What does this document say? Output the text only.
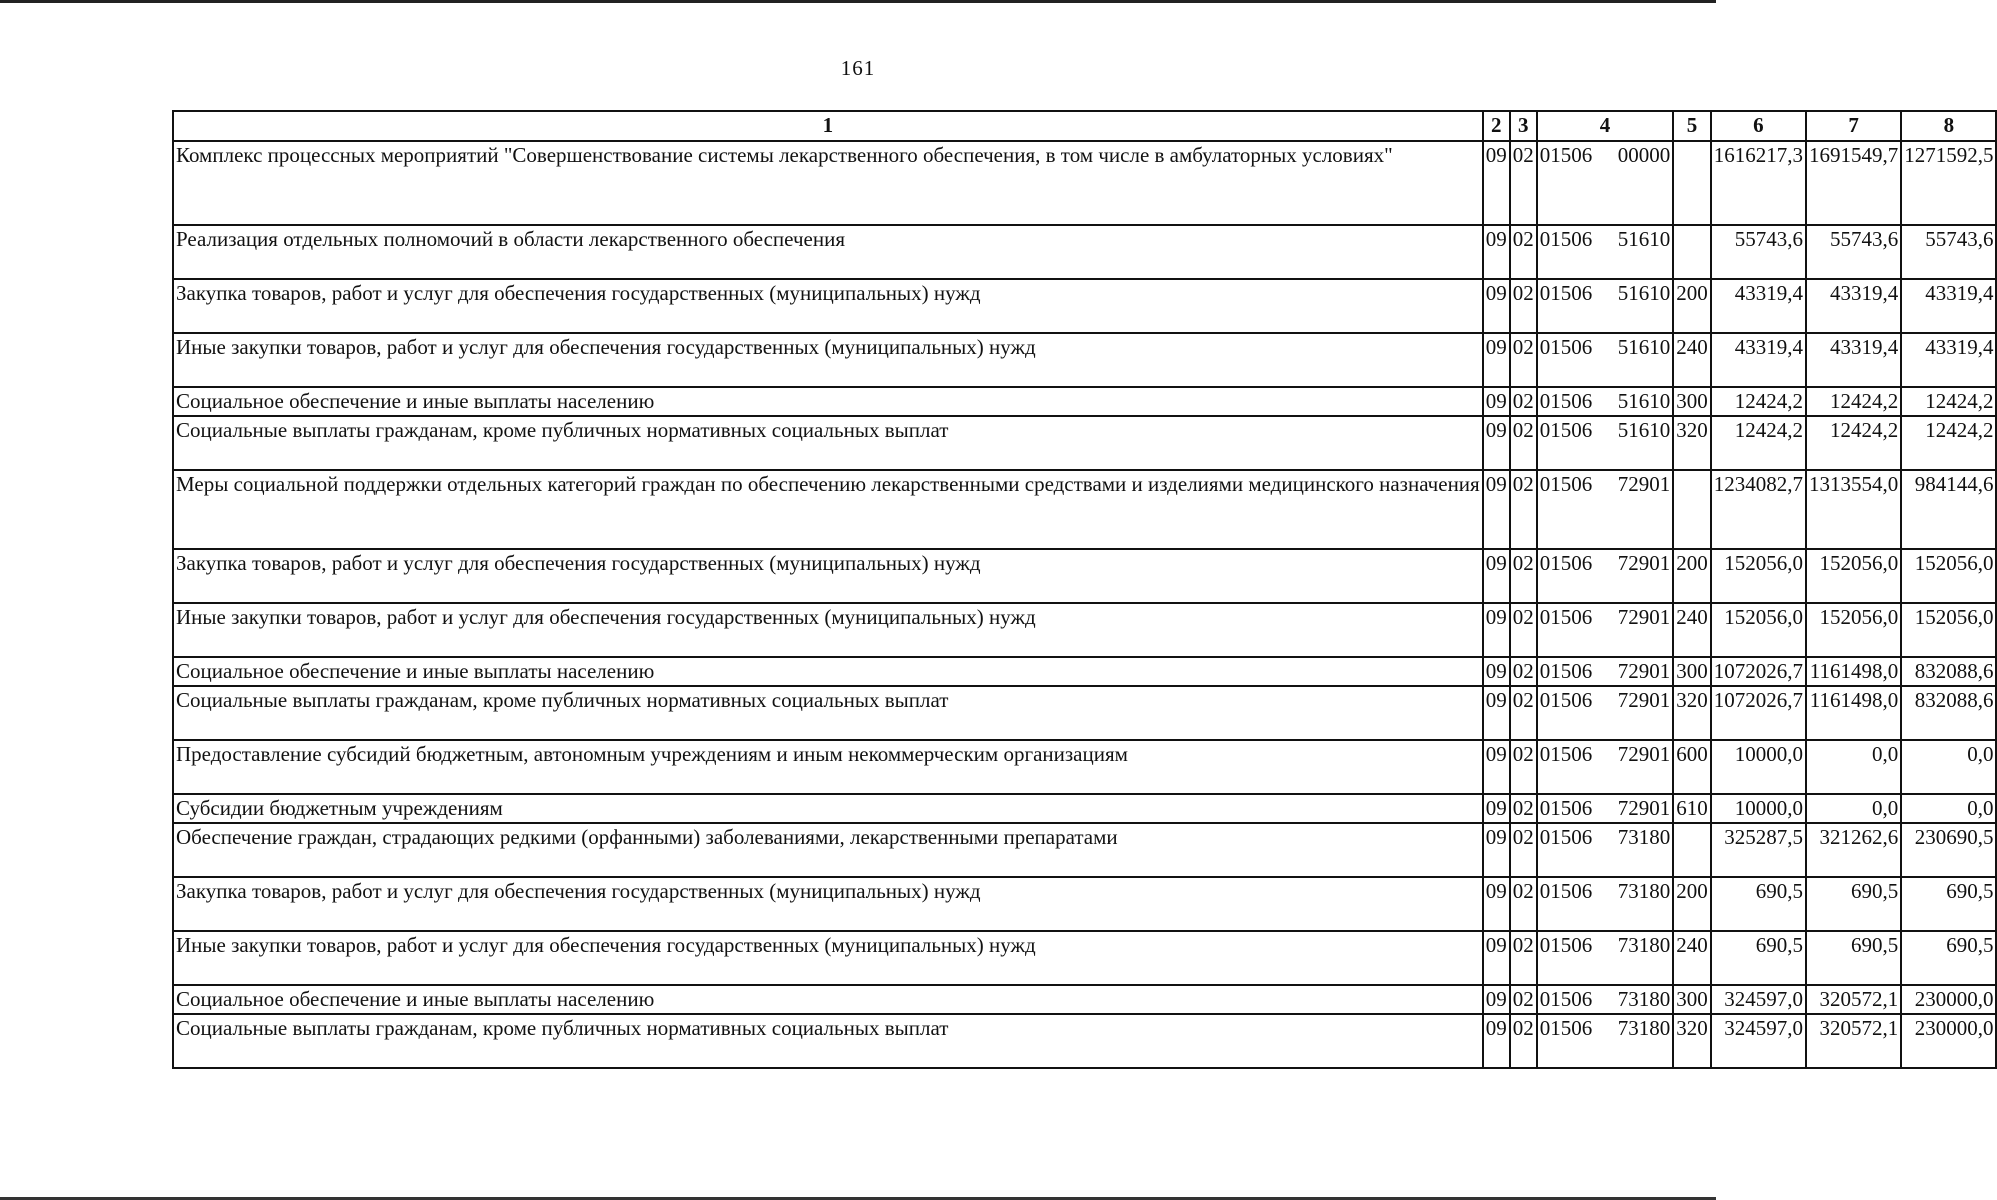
161
1	2	3	4	5	6	7	8
Комплекс процессных мероприятий "Совершенствование системы лекарственного обеспечения, в том числе в амбулаторных условиях"	09	02	01506 00000		1616217,3	1691549,7	1271592,5
Реализация отдельных полномочий в области лекарственного обеспечения	09	02	01506 51610		55743,6	55743,6	55743,6
Закупка товаров, работ и услуг для обеспечения государственных (муниципальных) нужд	09	02	01506 51610	200	43319,4	43319,4	43319,4
Иные закупки товаров, работ и услуг для обеспечения государственных (муниципальных) нужд	09	02	01506 51610	240	43319,4	43319,4	43319,4
Социальное обеспечение и иные выплаты населению	09	02	01506 51610	300	12424,2	12424,2	12424,2
Социальные выплаты гражданам, кроме публичных нормативных социальных выплат	09	02	01506 51610	320	12424,2	12424,2	12424,2
Меры социальной поддержки отдельных категорий граждан по обеспечению лекарственными средствами и изделиями медицинского назначения	09	02	01506 72901		1234082,7	1313554,0	984144,6
Закупка товаров, работ и услуг для обеспечения государственных (муниципальных) нужд	09	02	01506 72901	200	152056,0	152056,0	152056,0
Иные закупки товаров, работ и услуг для обеспечения государственных (муниципальных) нужд	09	02	01506 72901	240	152056,0	152056,0	152056,0
Социальное обеспечение и иные выплаты населению	09	02	01506 72901	300	1072026,7	1161498,0	832088,6
Социальные выплаты гражданам, кроме публичных нормативных социальных выплат	09	02	01506 72901	320	1072026,7	1161498,0	832088,6
Предоставление субсидий бюджетным, автономным учреждениям и иным некоммерческим организациям	09	02	01506 72901	600	10000,0	0,0	0,0
Субсидии бюджетным учреждениям	09	02	01506 72901	610	10000,0	0,0	0,0
Обеспечение граждан, страдающих редкими (орфанными) заболеваниями, лекарственными препаратами	09	02	01506 73180		325287,5	321262,6	230690,5
Закупка товаров, работ и услуг для обеспечения государственных (муниципальных) нужд	09	02	01506 73180	200	690,5	690,5	690,5
Иные закупки товаров, работ и услуг для обеспечения государственных (муниципальных) нужд	09	02	01506 73180	240	690,5	690,5	690,5
Социальное обеспечение и иные выплаты населению	09	02	01506 73180	300	324597,0	320572,1	230000,0
Социальные выплаты гражданам, кроме публичных нормативных социальных выплат	09	02	01506 73180	320	324597,0	320572,1	230000,0
